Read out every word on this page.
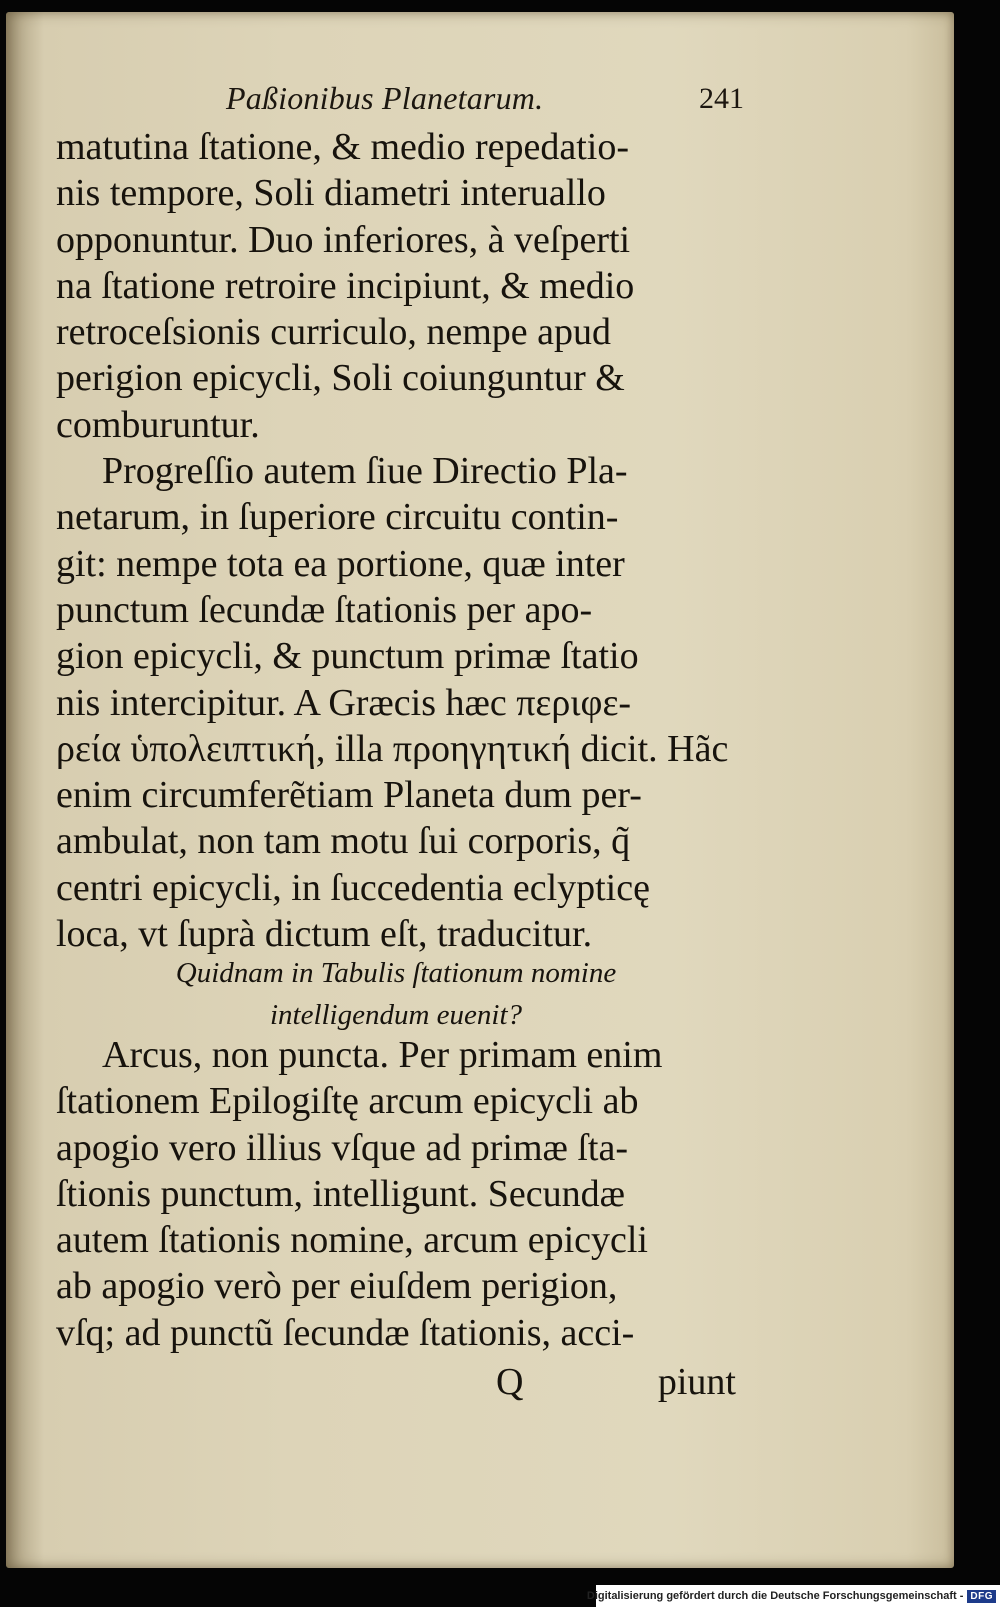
Paßionibus Planetarum.	241
matutina ſtatione, & medio repedatio-
nis tempore, Soli diametri interuallo
opponuntur. Duo inferiores, à veſperti
na ſtatione retroire incipiunt, & medio
retroceſsionis curriculo, nempe apud
perigion epicycli, Soli coiunguntur &
comburuntur.
Progreſſio autem ſiue Directio Pla-
netarum, in ſuperiore circuitu contin-
git: nempe tota ea portione, quæ inter
punctum ſecundæ ſtationis per apo-
gion epicycli, & punctum primæ ſtatio
nis intercipitur. A Græcis hæc περιφε-
ρεία ὑπολειπτική, illa προηγητική dicit. Hãc
enim circumferẽtiam Planeta dum per-
ambulat, non tam motu ſui corporis, q̃
centri epicycli, in ſuccedentia eclypticę
loca, vt ſuprà dictum eſt, traducitur.
Quidnam in Tabulis ſtationum nomine
intelligendum euenit?
Arcus, non puncta. Per primam enim
ſtationem Epilogiſtę arcum epicycli ab
apogio vero illius vſque ad primæ ſta-
ſtionis punctum, intelligunt. Secundæ
autem ſtationis nomine, arcum epicycli
ab apogio verò per eiuſdem perigion,
vſq; ad punctũ ſecundæ ſtationis, acci-
Q	piunt
Digitalisierung gefördert durch die Deutsche Forschungsgemeinschaft - DFG
